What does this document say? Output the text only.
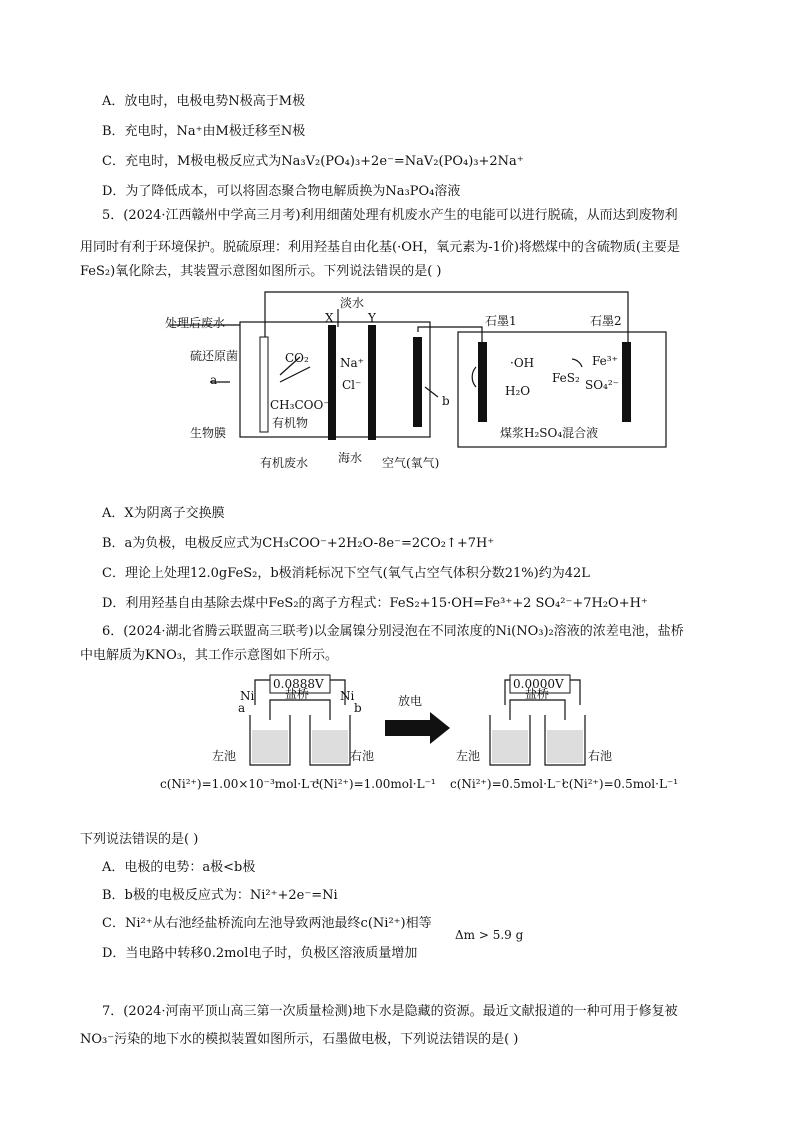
A．放电时，电极电势N极高于M极
B．充电时，Na⁺由M极迁移至N极
C．充电时，M极电极反应式为Na₃V₂(PO₄)₃+2e⁻=NaV₂(PO₄)₃+2Na⁺
D．为了降低成本，可以将固态聚合物电解质换为Na₃PO₄溶液
5．(2024·江西赣州中学高三月考)利用细菌处理有机废水产生的电能可以进行脱硫，从而达到废物利
用同时有利于环境保护。脱硫原理：利用羟基自由化基(·OH，氧元素为-1价)将燃煤中的含硫物质(主要是
FeS₂)氧化除去，其装置示意图如图所示。下列说法错误的是( )
A．X为阴离子交换膜
B．a为负极，电极反应式为CH₃COO⁻+2H₂O-8e⁻=2CO₂↑+7H⁺
C．理论上处理12.0gFeS₂，b极消耗标况下空气(氧气占空气体积分数21%)约为42L
D．利用羟基自由基除去煤中FeS₂的离子方程式：FeS₂+15·OH=Fe³⁺+2 SO₄²⁻+7H₂O+H⁺
6．(2024·湖北省腾云联盟高三联考)以金属镍分别浸泡在不同浓度的Ni(NO₃)₂溶液的浓差电池，盐桥
中电解质为KNO₃，其工作示意图如下所示。
下列说法错误的是( )
A．电极的电势：a极<b极
B．b极的电极反应式为：Ni²⁺+2e⁻=Ni
C．Ni²⁺从右池经盐桥流向左池导致两池最终c(Ni²⁺)相等
D．当电路中转移0.2mol电子时，负极区溶液质量增加
7．(2024·河南平顶山高三第一次质量检测)地下水是隐藏的资源。最近文献报道的一种可用于修复被
NO₃⁻污染的地下水的模拟装置如图所示，石墨做电极，下列说法错误的是( )
Δm > 5.9 g
处理后废水
硫还原菌
a
CO₂
CH₃COO⁻
有机物
生物膜
X
淡水
Y
Na⁺
Cl⁻
b
有机废水 海水 空气(氧气)
石墨1	石墨2
·OH
H₂O
FeS₂
Fe³⁺
SO₄²⁻
煤浆H₂SO₄混合液
0.0888V	0.0000V
Ni	Ni
a	b
盐桥	盐桥
放电
左池	右池	左池	右池
c(Ni²⁺)=1.00×10⁻³mol·L⁻¹
c(Ni²⁺)=1.00mol·L⁻¹ c(Ni²⁺)=0.5mol·L⁻¹
c(Ni²⁺)=0.5mol·L⁻¹
